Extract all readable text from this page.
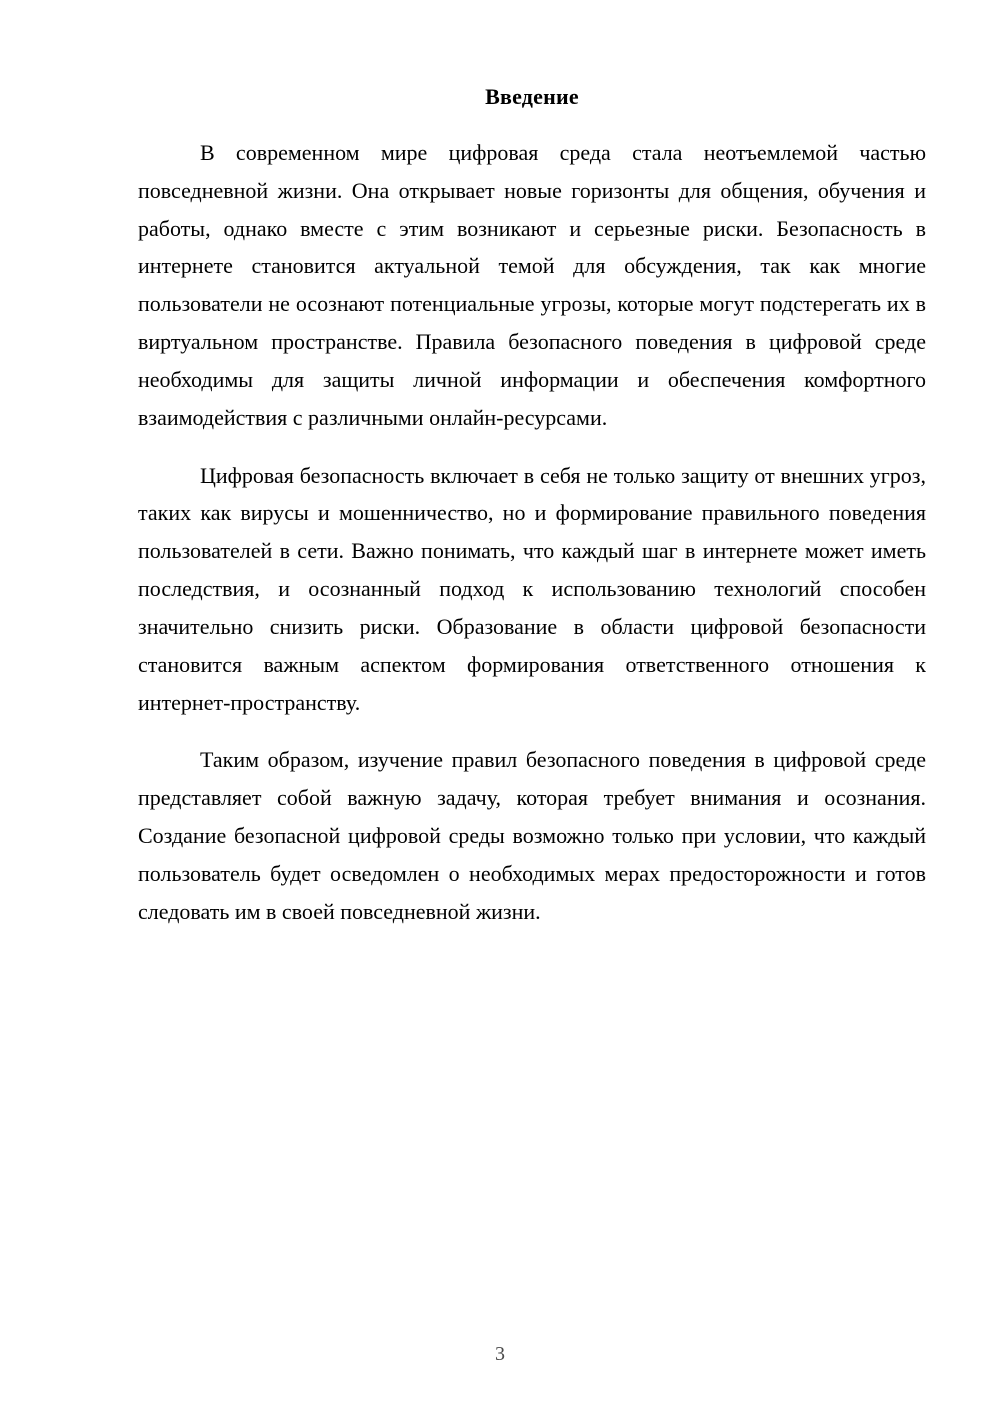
Введение

В современном мире цифровая среда стала неотъемлемой частью повседневной жизни. Она открывает новые горизонты для общения, обучения и работы, однако вместе с этим возникают и серьезные риски. Безопасность в интернете становится актуальной темой для обсуждения, так как многие пользователи не осознают потенциальные угрозы, которые могут подстерегать их в виртуальном пространстве. Правила безопасного поведения в цифровой среде необходимы для защиты личной информации и обеспечения комфортного взаимодействия с различными онлайн-ресурсами.

Цифровая безопасность включает в себя не только защиту от внешних угроз, таких как вирусы и мошенничество, но и формирование правильного поведения пользователей в сети. Важно понимать, что каждый шаг в интернете может иметь последствия, и осознанный подход к использованию технологий способен значительно снизить риски. Образование в области цифровой безопасности становится важным аспектом формирования ответственного отношения к интернет-пространству.

Таким образом, изучение правил безопасного поведения в цифровой среде представляет собой важную задачу, которая требует внимания и осознания. Создание безопасной цифровой среды возможно только при условии, что каждый пользователь будет осведомлен о необходимых мерах предосторожности и готов следовать им в своей повседневной жизни.

3
